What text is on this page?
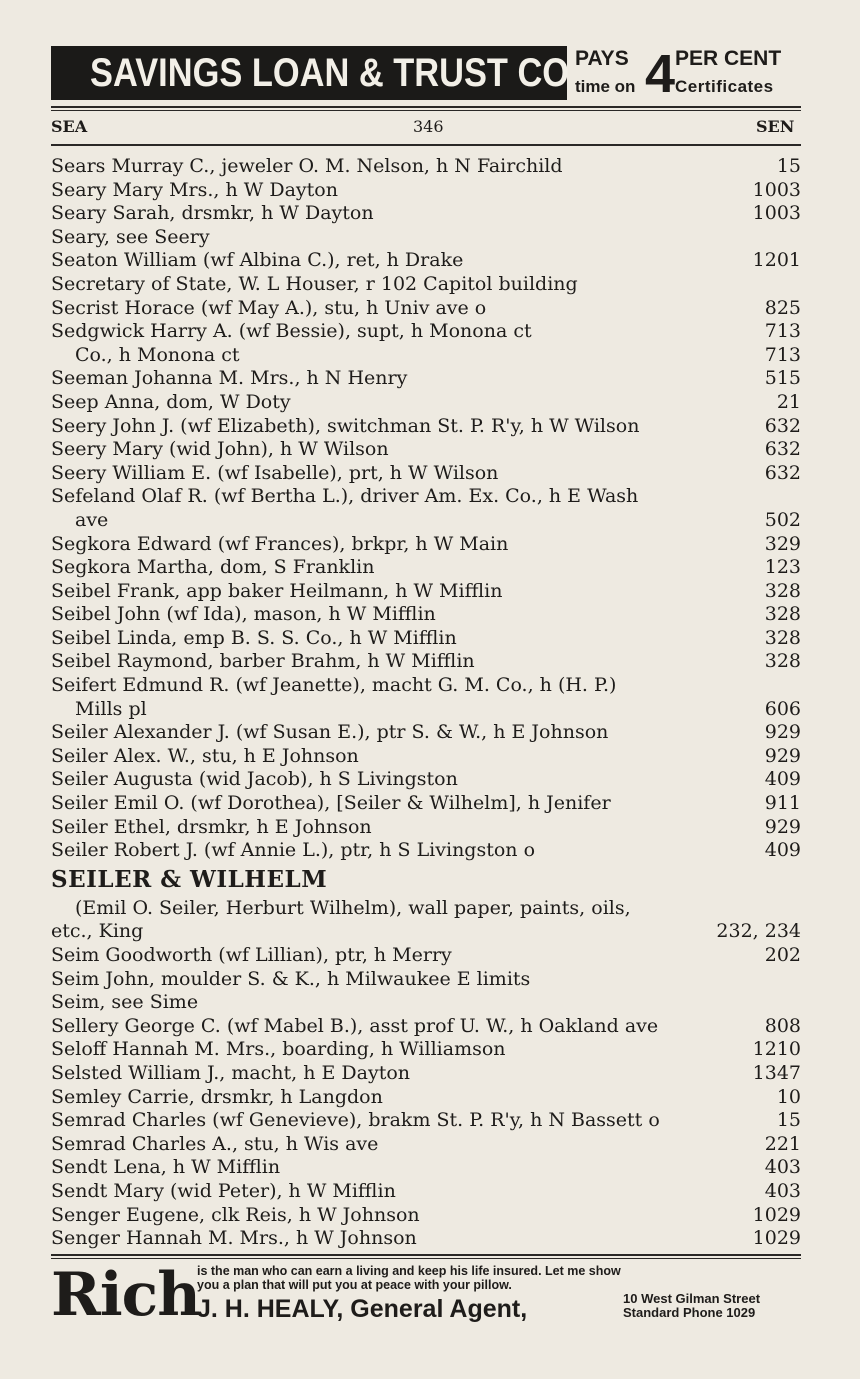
SAVINGS LOAN & TRUST CO PAYS
time on 4 PER CENT
Certificates
SEA	346	SEN
Sears Murray C., jeweler O. M. Nelson, h N Fairchild	15
Seary Mary Mrs., h W Dayton	1003
Seary Sarah, drsmkr, h W Dayton	1003
Seary, see Seery
Seaton William (wf Albina C.), ret, h Drake	1201
Secretary of State, W. L Houser, r 102 Capitol building
Secrist Horace (wf May A.), stu, h Univ ave o	825
Sedgwick Harry A. (wf Bessie), supt, h Monona ct	713
Co., h Monona ct	713
Seeman Johanna M. Mrs., h N Henry	515
Seep Anna, dom, W Doty	21
Seery John J. (wf Elizabeth), switchman St. P. R'y, h W Wilson	632
Seery Mary (wid John), h W Wilson	632
Seery William E. (wf Isabelle), prt, h W Wilson	632
Sefeland Olaf R. (wf Bertha L.), driver Am. Ex. Co., h E Wash
ave	502
Segkora Edward (wf Frances), brkpr, h W Main	329
Segkora Martha, dom, S Franklin	123
Seibel Frank, app baker Heilmann, h W Mifflin	328
Seibel John (wf Ida), mason, h W Mifflin	328
Seibel Linda, emp B. S. S. Co., h W Mifflin	328
Seibel Raymond, barber Brahm, h W Mifflin	328
Seifert Edmund R. (wf Jeanette), macht G. M. Co., h (H. P.)
Mills pl	606
Seiler Alexander J. (wf Susan E.), ptr S. & W., h E Johnson	929
Seiler Alex. W., stu, h E Johnson	929
Seiler Augusta (wid Jacob), h S Livingston	409
Seiler Emil O. (wf Dorothea), [Seiler & Wilhelm], h Jenifer	911
Seiler Ethel, drsmkr, h E Johnson	929
Seiler Robert J. (wf Annie L.), ptr, h S Livingston o	409
SEILER & WILHELM
(Emil O. Seiler, Herburt Wilhelm), wall paper, paints, oils,
etc., King	232, 234
Seim Goodworth (wf Lillian), ptr, h Merry	202
Seim John, moulder S. & K., h Milwaukee E limits
Seim, see Sime
Sellery George C. (wf Mabel B.), asst prof U. W., h Oakland ave	808
Seloff Hannah M. Mrs., boarding, h Williamson	1210
Selsted William J., macht, h E Dayton	1347
Semley Carrie, drsmkr, h Langdon	10
Semrad Charles (wf Genevieve), brakm St. P. R'y, h N Bassett o	15
Semrad Charles A., stu, h Wis ave	221
Sendt Lena, h W Mifflin	403
Sendt Mary (wid Peter), h W Mifflin	403
Senger Eugene, clk Reis, h W Johnson	1029
Senger Hannah M. Mrs., h W Johnson	1029
Rich
is the man who can earn a living and keep his life insured. Let me show
you a plan that will put you at peace with your pillow.
J. H. HEALY, General Agent,	10 West Gilman Street
Standard Phone 1029
